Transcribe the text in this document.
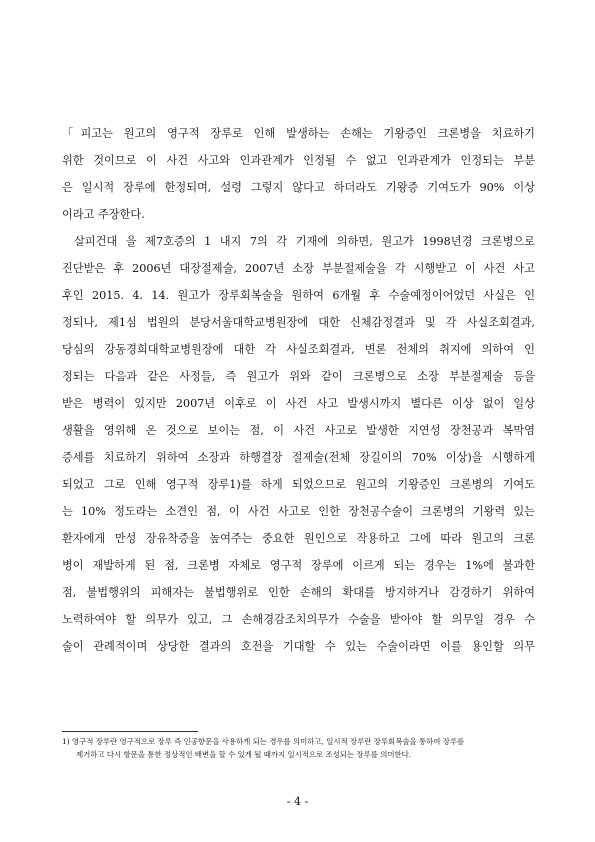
「피고는 원고의 영구적 장루로 인해 발생하는 손해는 기왕증인 크론병을 치료하기
위한 것이므로 이 사건 사고와 인과관계가 인정될 수 없고 인과관계가 인정되는 부분
은 일시적 장루에 한정되며, 설령 그렇지 않다고 하더라도 기왕증 기여도가 90% 이상
이라고 주장한다.
살피건대 을 제7호증의 1 내지 7의 각 기재에 의하면, 원고가 1998년경 크론병으로
진단받은 후 2006년 대장절제술, 2007년 소장 부분절제술을 각 시행받고 이 사건 사고
후인 2015. 4. 14. 원고가 장루회복술을 원하여 6개월 후 수술예정이어었던 사실은 인
정되나, 제1심 법원의 분당서울대학교병원장에 대한 신체감정결과 및 각 사실조회결과,
당심의 강동경희대학교병원장에 대한 각 사실조회결과, 변론 전체의 취지에 의하여 인
정되는 다음과 같은 사정들, 즉 원고가 위와 같이 크론병으로 소장 부분절제술 등을
받은 병력이 있지만 2007년 이후로 이 사건 사고 발생시까지 별다른 이상 없이 일상
생활을 영위해 온 것으로 보이는 점, 이 사건 사고로 발생한 지연성 장천공과 복막염
증세를 치료하기 위하여 소장과 하행결장 절제술(전체 장길이의 70% 이상)을 시행하게
되었고 그로 인해 영구적 장루1)를 하게 되었으므로 원고의 기왕증인 크론병의 기여도
는 10% 정도라는 소견인 점, 이 사건 사고로 인한 장천공수술이 크론병의 기왕력 있는
환자에게 만성 장유착증을 높여주는 중요한 원인으로 작용하고 그에 따라 원고의 크론
병이 재발하게 된 점, 크론병 자체로 영구적 장루에 이르게 되는 경우는 1%에 불과한
점, 불법행위의 피해자는 불법행위로 인한 손해의 확대를 방지하거나 감경하기 위하여
노력하여야 할 의무가 있고, 그 손해경감조치의무가 수술을 받아야 할 의무일 경우 수
술이 관례적이며 상당한 결과의 호전을 기대할 수 있는 수술이라면 이를 용인할 의무
1) 영구적 장루란 영구적으로 장루 즉 인공항문을 사용하게 되는 경우를 의미하고, 일시적 장루란 장루회복술을 통하여 장루를
제거하고 다시 항문을 통한 정상적인 배변을 할 수 있게 될 때까지 일시적으로 조성되는 장루를 의미한다.
- 4 -
